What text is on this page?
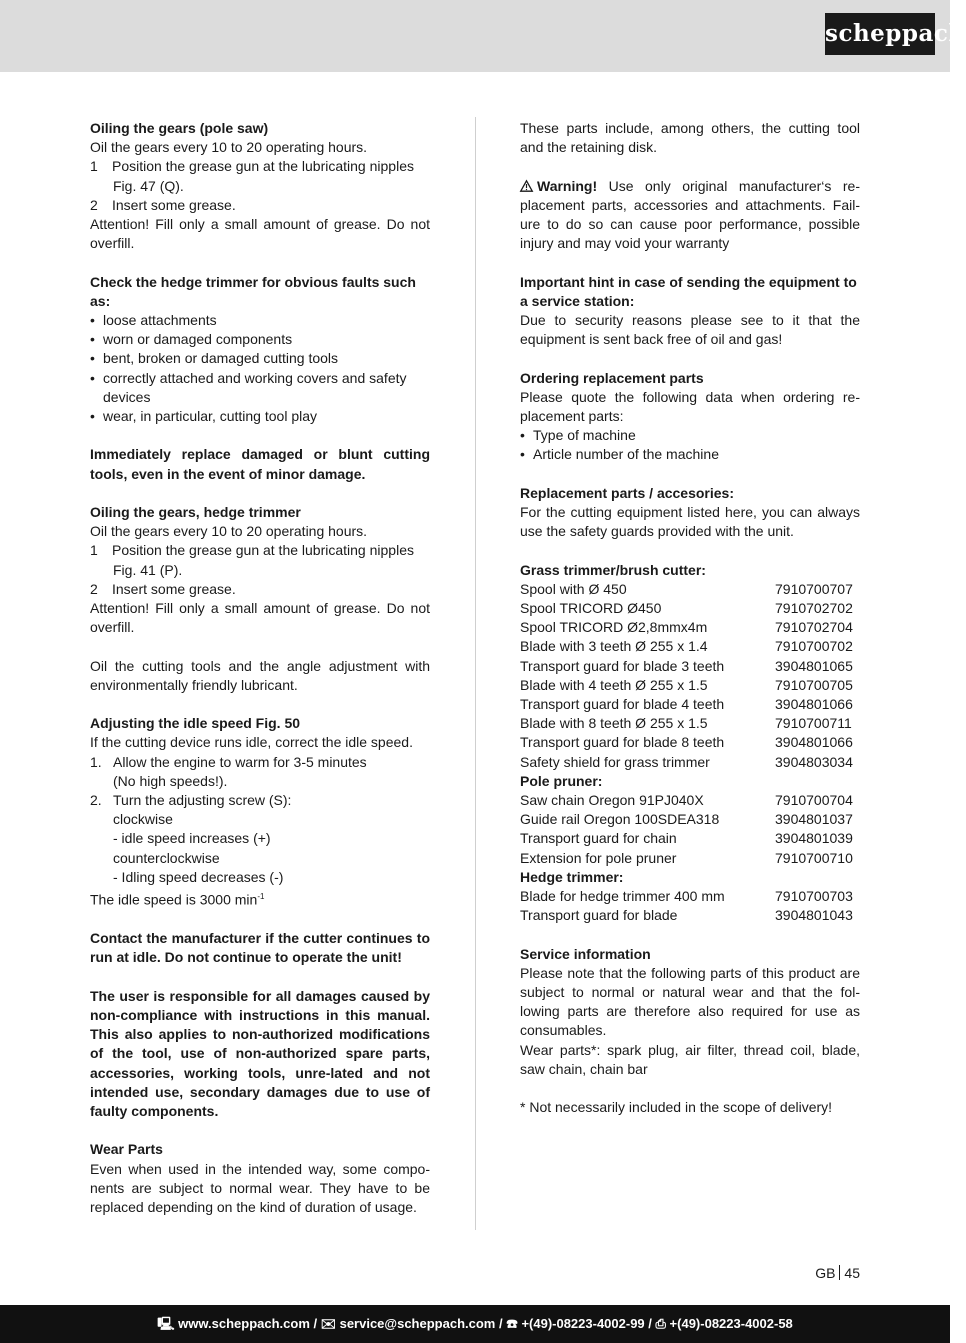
scheppach

Oiling the gears (pole saw)

Oil the gears every 10 to 20 operating hours.

1	Position the grease gun at the lubricating nipples

Fig. 47 (Q).

2	Insert some grease.

Attention! Fill only a small amount of grease. Do not overfill.

Check the hedge trimmer for obvious faults such as:

• loose attachments
• worn or damaged components
• bent, broken or damaged cutting tools
• correctly attached and working covers and safety devices
• wear, in particular, cutting tool play

Immediately replace damaged or blunt cutting tools, even in the event of minor damage.

Oiling the gears, hedge trimmer

Oil the gears every 10 to 20 operating hours.

1	Position the grease gun at the lubricating nipples

Fig. 41 (P).

2	Insert some grease.

Attention! Fill only a small amount of grease. Do not overfill.

Oil the cutting tools and the angle adjustment with environmentally friendly lubricant.

Adjusting the idle speed Fig. 50

If the cutting device runs idle, correct the idle speed.

1. Allow the engine to warm for 3-5 minutes

(No high speeds!).

2. Turn the adjusting screw (S):

clockwise

- idle speed increases (+)

counterclockwise

- Idling speed decreases (-)

The idle speed is 3000 $\min^{-1}$

Contact the manufacturer if the cutter continues to run at idle. Do not continue to operate the unit!

The user is responsible for all damages caused by non-compliance with instructions in this manual. This also applies to non-authorized modifications of the tool, use of non-authorized spare parts, accessories, working tools, unre-lated and not intended use, secondary damages due to use of faulty components.

Wear Parts

Even when used in the intended way, some compo-nents are subject to normal wear. They have to be replaced depending on the kind of duration of usage.

These parts include, among others, the cutting tool and the retaining disk.

Warning! Use only original manufacturer‘s re-placement parts, accessories and attachments. Fail-ure to do so can cause poor performance, possible injury and may void your warranty

Important hint in case of sending the equipment to a service station:

Due to security reasons please see to it that the equipment is sent back free of oil and gas!

Ordering replacement parts

Please quote the following data when ordering re-placement parts:

• Type of machine
• Article number of the machine

Replacement parts / accesories:

For the cutting equipment listed here, you can always use the safety guards provided with the unit.

Grass trimmer/brush cutter:

Spool with Ø 450	7910700707
Spool TRICORD Ø450	7910702702
Spool TRICORD Ø2,8mmx4m	7910702704
Blade with 3 teeth Ø 255 x 1.4	7910700702
Transport guard for blade 3 teeth	3904801065
Blade with 4 teeth Ø 255 x 1.5	7910700705
Transport guard for blade 4 teeth	3904801066
Blade with 8 teeth Ø 255 x 1.5	7910700711
Transport guard for blade 8 teeth	3904801066
Safety shield for grass trimmer	3904803034

Pole pruner:

Saw chain Oregon 91PJ040X	7910700704
Guide rail Oregon 100SDEA318	3904801037
Transport guard for chain	3904801039
Extension for pole pruner	7910700710

Hedge trimmer:

Blade for hedge trimmer 400 mm	7910700703
Transport guard for blade	3904801043

Service information

Please note that the following parts of this product are subject to normal or natural wear and that the fol-lowing parts are therefore also required for use as consumables.

Wear parts*: spark plug, air filter, thread coil, blade, saw chain, chain bar

* Not necessarily included in the scope of delivery!

GB 45
🖳 www.scheppach.com / ✉ service@scheppach.com / ☎ +(49)-08223-4002-99 / ⎙ +(49)-08223-4002-58
